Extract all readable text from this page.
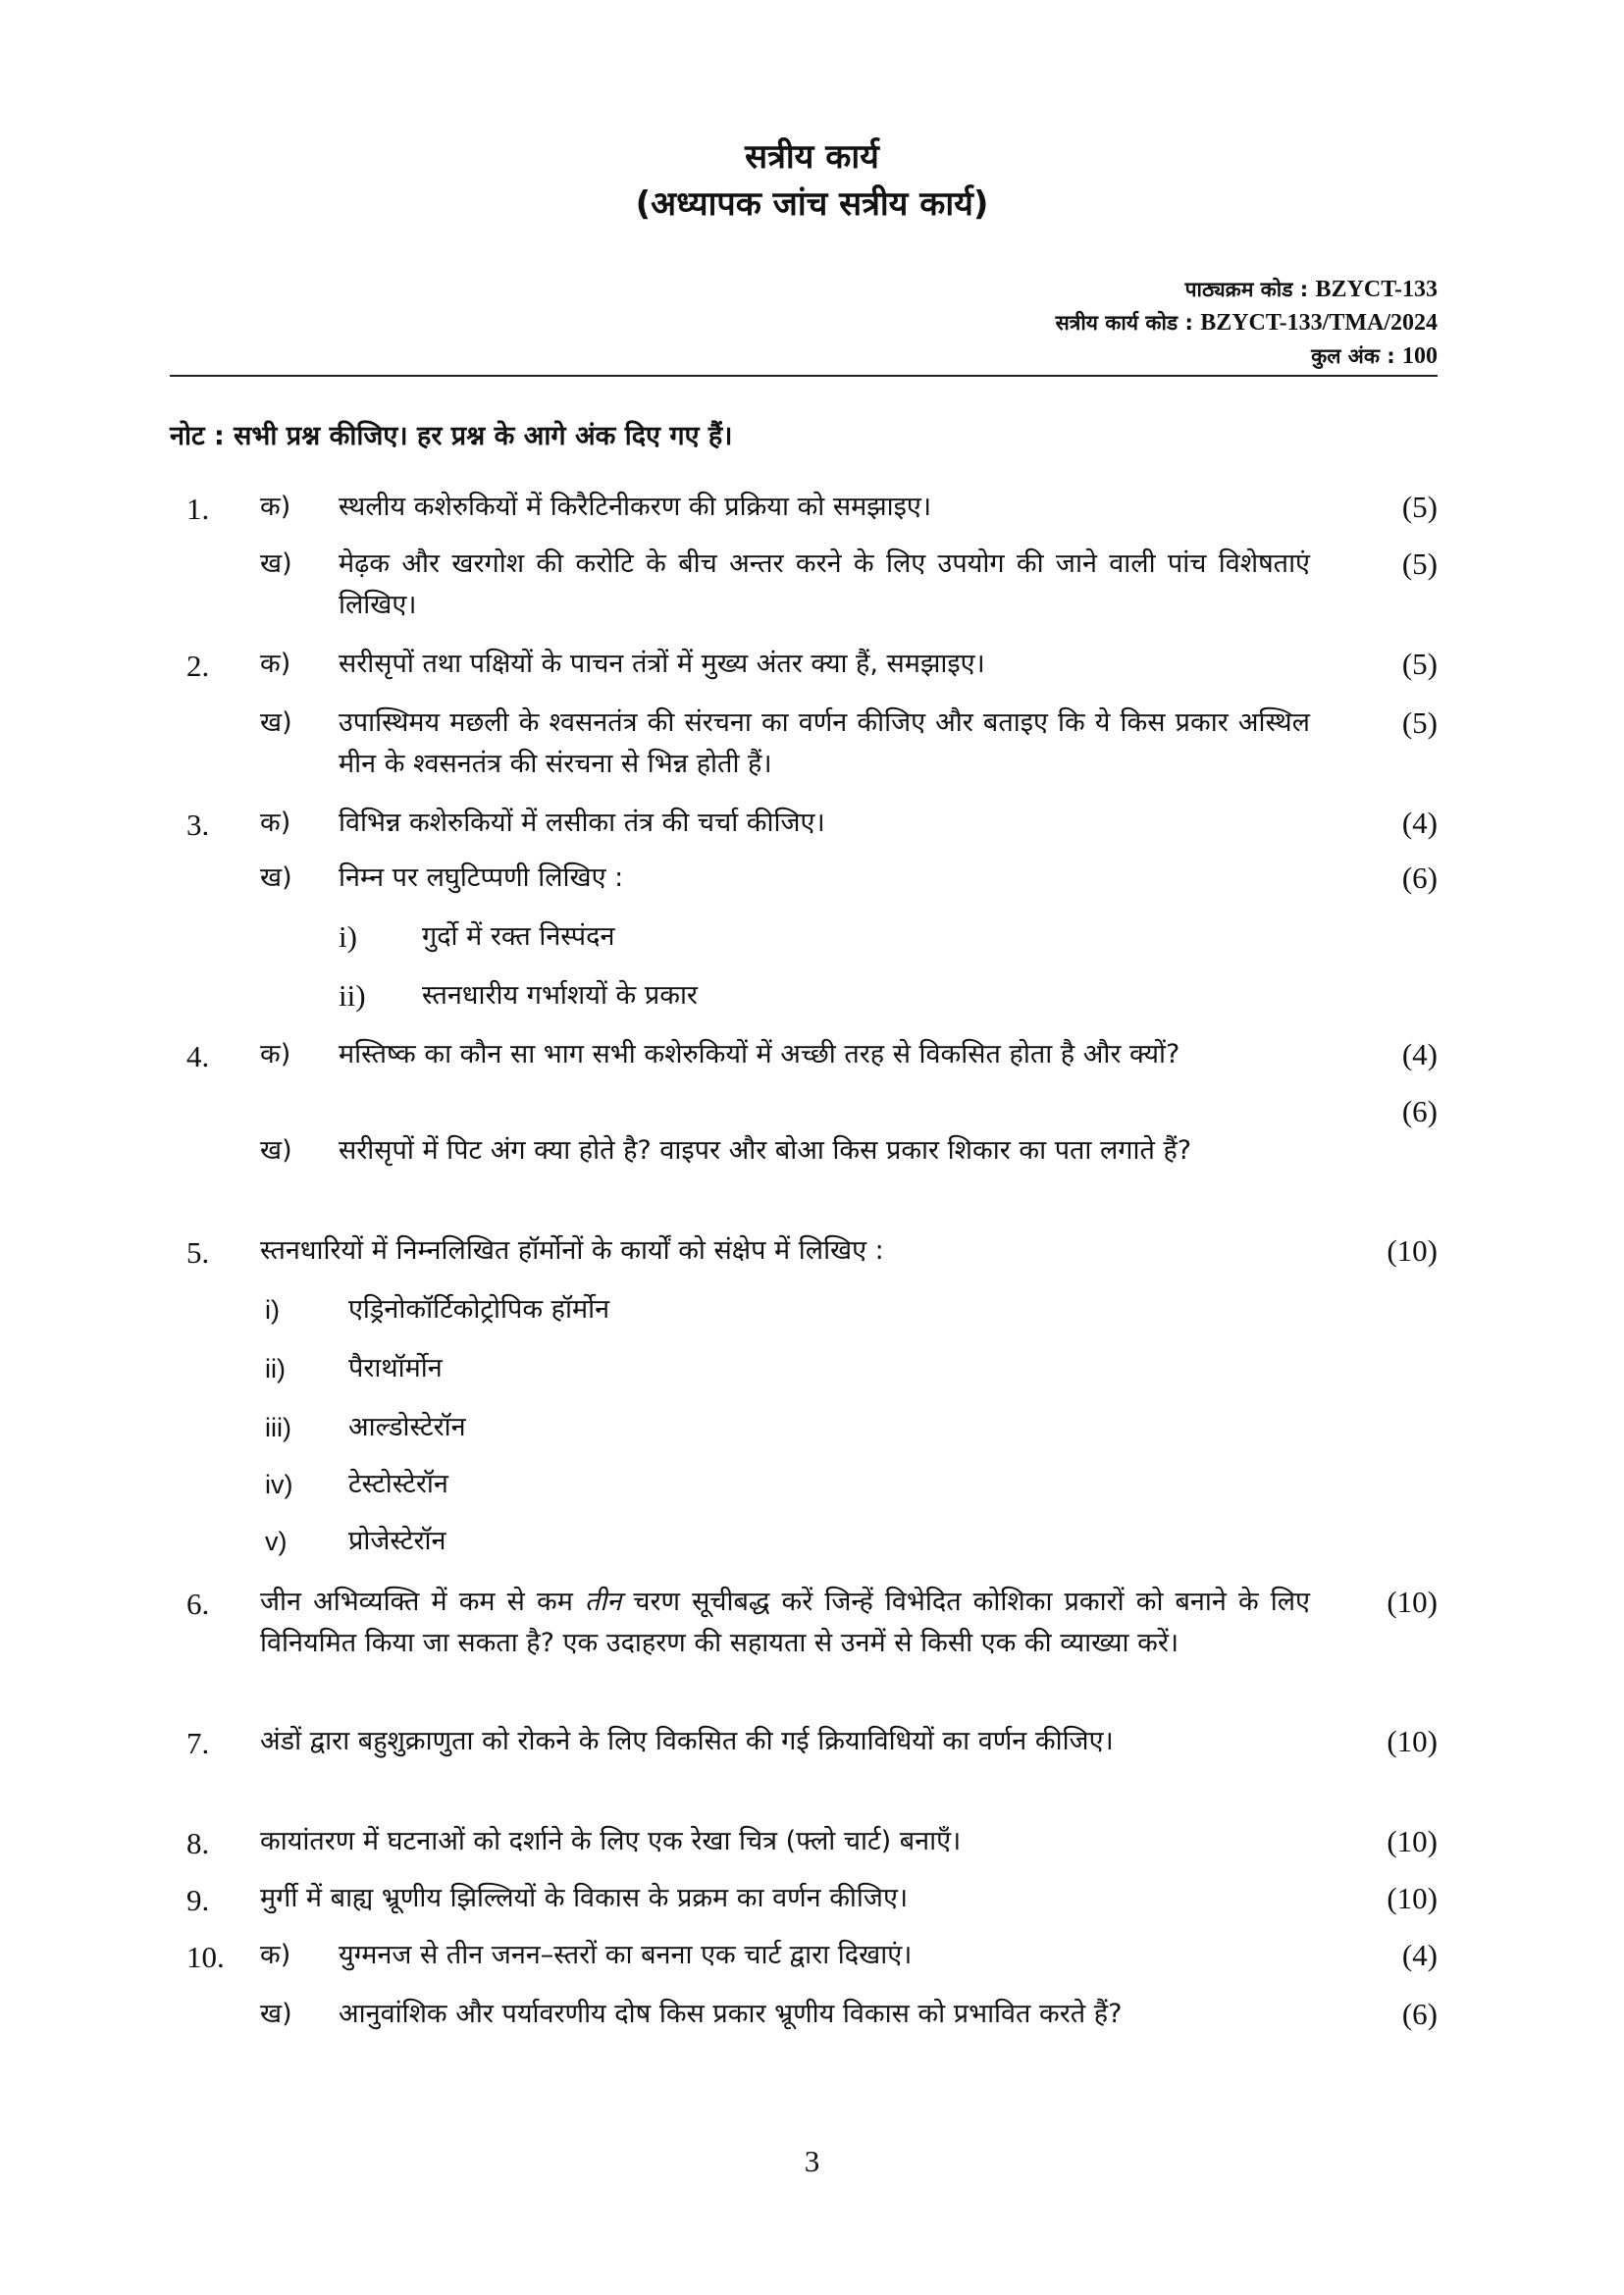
सत्रीय कार्य
(अध्यापक जांच सत्रीय कार्य)
पाठ्यक्रम कोड : BZYCT-133
सत्रीय कार्य कोड : BZYCT-133/TMA/2024
कुल अंक : 100
नोट : सभी प्रश्न कीजिए। हर प्रश्न के आगे अंक दिए गए हैं।
1. क) स्थलीय कशेरुकियों में किरैटिनीकरण की प्रक्रिया को समझाइए।	(5)
ख) मेढ़क और खरगोश की करोटि के बीच अन्तर करने के लिए उपयोग की जाने वाली पांच विशेषताएं लिखिए।
(5)
2. क) सरीसृपों तथा पक्षियों के पाचन तंत्रों में मुख्य अंतर क्या हैं, समझाइए।	(5)
ख) उपास्थिमय मछली के श्वसनतंत्र की संरचना का वर्णन कीजिए और बताइए कि ये किस प्रकार अस्थिल मीन के श्वसनतंत्र की संरचना से भिन्न होती हैं।
(5)
3. क) विभिन्न कशेरुकियों में लसीका तंत्र की चर्चा कीजिए।	(4)
ख) निम्न पर लघुटिप्पणी लिखिए :	(6)
i) गुर्दो में रक्त निस्पंदन
ii) स्तनधारीय गर्भाशयों के प्रकार
4. क) मस्तिष्क का कौन सा भाग सभी कशेरुकियों में अच्छी तरह से विकसित होता है और क्यों?	(4)
ख) सरीसृपों में पिट अंग क्या होते है? वाइपर और बोआ किस प्रकार शिकार का पता लगाते हैं?
(6)
5. स्तनधारियों में निम्नलिखित हॉर्मोनों के कार्यों को संक्षेप में लिखिए :	(10)
i)	एड्रिनोकॉर्टिकोट्रोपिक हॉर्मोन
ii) पैराथॉर्मोन
iii) आल्डोस्टेरॉन
iv) टेस्टोस्टेरॉन
v) प्रोजेस्टेरॉन
6. जीन अभिव्यक्ति में कम से कम तीन चरण सूचीबद्ध करें जिन्हें विभेदित कोशिका प्रकारों को बनाने के लिए विनियमित किया जा सकता है? एक उदाहरण की सहायता से उनमें से किसी एक की व्याख्या करें।
(10)
7. अंडों द्वारा बहुशुक्राणुता को रोकने के लिए विकसित की गई क्रियाविधियों का वर्णन कीजिए।	(10)
8. कायांतरण में घटनाओं को दर्शाने के लिए एक रेखा चित्र (फ्लो चार्ट) बनाएँ।	(10)
9. मुर्गी में बाह्य भ्रूणीय झिल्लियों के विकास के प्रक्रम का वर्णन कीजिए।	(10)
10. क) युग्मनज से तीन जनन–स्तरों का बनना एक चार्ट द्वारा दिखाएं।	(4)
ख) आनुवांशिक और पर्यावरणीय दोष किस प्रकार भ्रूणीय विकास को प्रभावित करते हैं?	(6)
3
